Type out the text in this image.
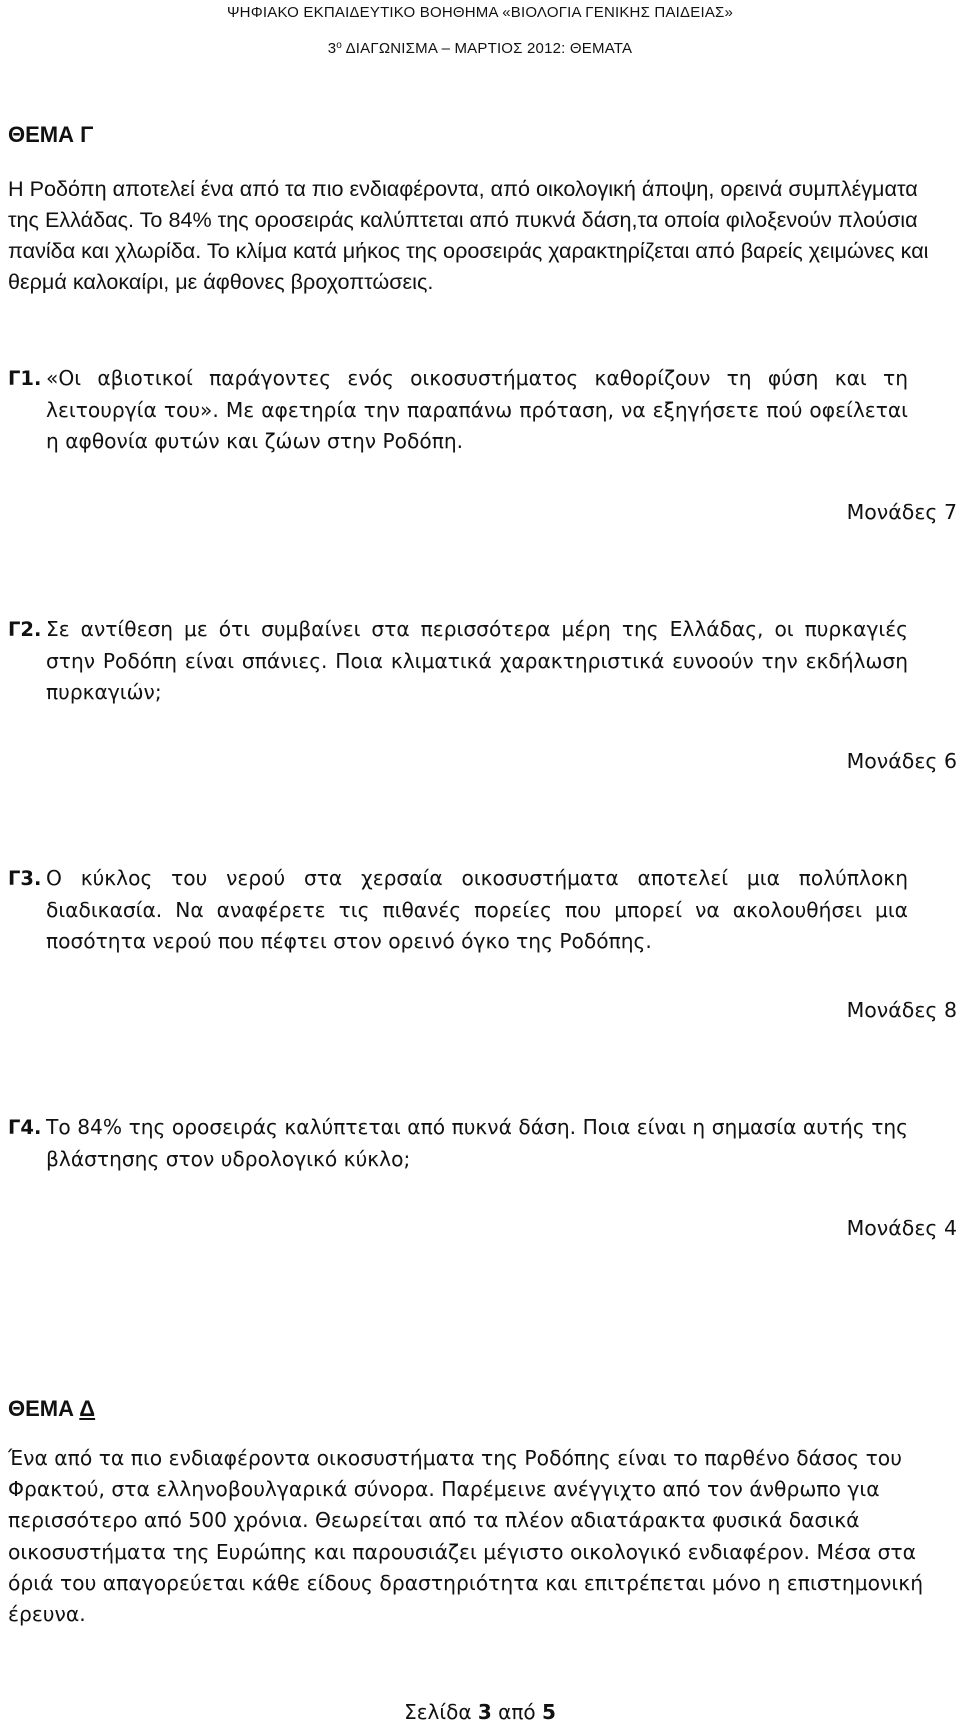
ΨΗΦΙΑΚΟ ΕΚΠΑΙΔΕΥΤΙΚΟ ΒΟΗΘΗΜΑ «ΒΙΟΛΟΓΙΑ ΓΕΝΙΚΗΣ ΠΑΙΔΕΙΑΣ»
$3^o$ ΔΙΑΓΩΝΙΣΜΑ – ΜΑΡΤΙΟΣ 2012: ΘΕΜΑΤΑ
ΘΕΜΑ Γ
Η Ροδόπη αποτελεί ένα από τα πιο ενδιαφέροντα, από οικολογική άποψη, ορεινά συμπλέγματα της Ελλάδας. Το 84% της οροσειράς καλύπτεται από πυκνά δάση,τα οποία φιλοξενούν πλούσια πανίδα και χλωρίδα. Το κλίμα κατά μήκος της οροσειράς χαρακτηρίζεται από βαρείς χειμώνες και θερμά καλοκαίρι, με άφθονες βροχοπτώσεις.
Γ1. «Οι αβιοτικοί παράγοντες ενός οικοσυστήματος καθορίζουν τη φύση και τη λειτουργία του». Με αφετηρία την παραπάνω πρόταση, να εξηγήσετε πού οφείλεται η αφθονία φυτών και ζώων στην Ροδόπη.
Μονάδες 7
Γ2. Σε αντίθεση με ότι συμβαίνει στα περισσότερα μέρη της Ελλάδας, οι πυρκαγιές στην Ροδόπη είναι σπάνιες. Ποια κλιματικά χαρακτηριστικά ευνοούν την εκδήλωση πυρκαγιών;
Μονάδες 6
Γ3. Ο κύκλος του νερού στα χερσαία οικοσυστήματα αποτελεί μια πολύπλοκη διαδικασία. Να αναφέρετε τις πιθανές πορείες που μπορεί να ακολουθήσει μια ποσότητα νερού που πέφτει στον ορεινό όγκο της Ροδόπης.
Μονάδες 8
Γ4. Το 84% της οροσειράς καλύπτεται από πυκνά δάση. Ποια είναι η σημασία αυτής της βλάστησης στον υδρολογικό κύκλο;
Μονάδες 4
ΘΕΜΑ Δ
Ένα από τα πιο ενδιαφέροντα οικοσυστήματα της Ροδόπης είναι το παρθένο δάσος του Φρακτού, στα ελληνοβουλγαρικά σύνορα. Παρέμεινε ανέγγιχτο από τον άνθρωπο για περισσότερο από 500 χρόνια. Θεωρείται από τα πλέον αδιατάρακτα φυσικά δασικά οικοσυστήματα της Ευρώπης και παρουσιάζει μέγιστο οικολογικό ενδιαφέρον. Μέσα στα όριά του απαγορεύεται κάθε είδους δραστηριότητα και επιτρέπεται μόνο η επιστημονική έρευνα.
Σελίδα 3 από 5
